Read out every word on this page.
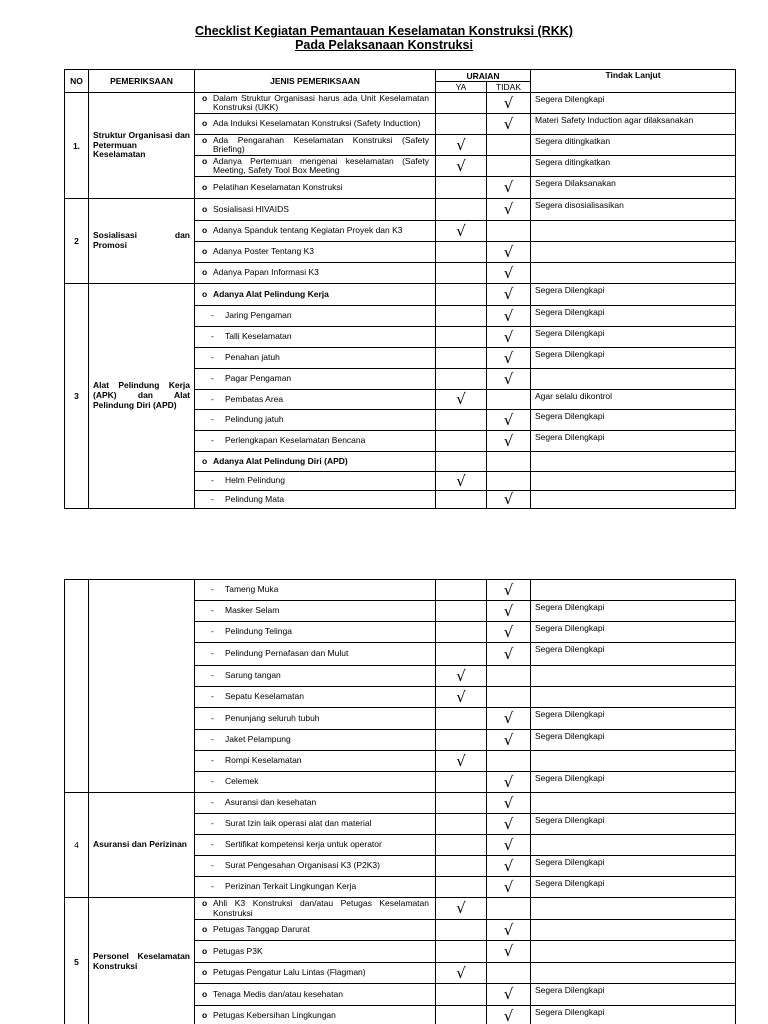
Checklist Kegiatan Pemantauan Keselamatan Konstruksi (RKK)
Pada Pelaksanaan Konstruksi
NO	PEMERIKSAAN	JENIS PEMERIKSAAN	URAIAN		Tindak Lanjut
			YA	TIDAK	
1.	Struktur Organisasi dan Petermuan Keselamatan	o Dalam Struktur Organisasi harus ada Unit Keselamatan Konstruksi (UKK)		√	Segera Dilengkapi
		o Ada Induksi Keselamatan Konstruksi (Safety Induction)		√	Materi Safety Induction agar dilaksanakan
		o Ada Pengarahan Keselamatan Konstruksi (Safety Briefing)	√		Segera ditingkatkan
		o Adanya Pertemuan mengenai keselamatan (Safety Meeting, Safety Tool Box Meeting	√		Segera ditingkatkan
		o Pelatihan Keselamatan Konstruksi		√	Segera Dilaksanakan
2	Sosialisasi dan Promosi	o Sosialisasi HIVAIDS		√	Segera disosialisasikan
		o Adanya Spanduk tentang Kegiatan Proyek dan K3	√		
		o Adanya Poster Tentang K3		√	
		o Adanya Papan Informasi K3		√	
3	Alat Pelindung Kerja (APK) dan Alat Pelindung Diri (APD)	o Adanya Alat Pelindung Kerja		√	Segera Dilengkapi
		- Jaring Pengaman		√	Segera Dilengkapi
		- Talli Keselamatan		√	Segera Dilengkapi
		- Penahan jatuh		√	Segera Dilengkapi
		- Pagar Pengaman		√	
		- Pembatas Area	√		Agar selalu dikontrol
		- Pelindung jatuh		√	Segera Dilengkapi
		- Perlengkapan Keselamatan Bencana		√	Segera Dilengkapi
		o Adanya Alat Pelindung Diri (APD)			
		- Helm Pelindung	√		
		- Pelindung Mata		√	
		- Tameng Muka		√	
		- Masker Selam		√	Segera Dilengkapi
		- Pelindung Telinga		√	Segera Dilengkapi
		- Pelindung Pernafasan dan Mulut		√	Segera Dilengkapi
		- Sarung tangan	√		
		- Sepatu Keselamatan	√		
		- Penunjang seluruh tubuh		√	Segera Dilengkapi
		- Jaket Pelampung		√	Segera Dilengkapi
		- Rompi Keselamatan	√		
		- Celemek		√	Segera Dilengkapi
4	Asuransi dan Perizinan	- Asuransi dan kesehatan		√	
		- Surat Izin laik operasi alat dan material		√	Segera Dilengkapi
		- Sertifikat kompetensi kerja untuk operator		√	
		- Surat Pengesahan Organisasi K3 (P2K3)		√	Segera Dilengkapi
		- Perizinan Terkait Lingkungan Kerja		√	Segera Dilengkapi
5	Personel Keselamatan Konstruksi	o Ahli K3 Konstruksi dan/atau Petugas Keselamatan Konstruksi	√		
		o Petugas Tanggap Darurat		√	
		o Petugas P3K		√	
		o Petugas Pengatur Lalu Lintas (Flagman)	√		
		o Tenaga Medis dan/atau kesehatan		√	Segera Dilengkapi
		o Petugas Kebersihan Lingkungan		√	Segera Dilengkapi
